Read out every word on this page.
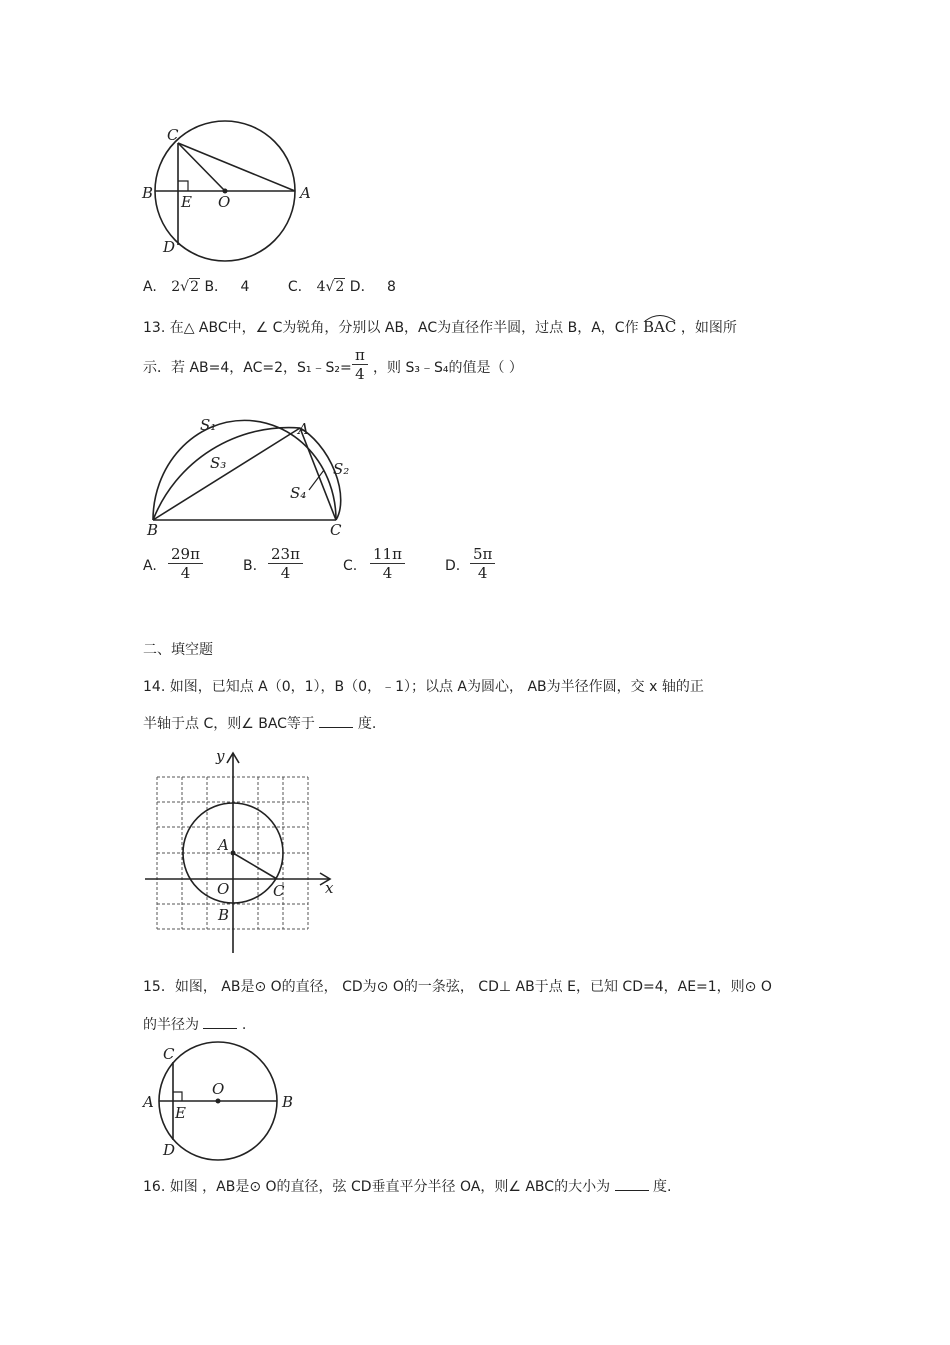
C
B E O	A
D
A. 2√2 B． 4	C. 4√2 D． 8
13. 在△ ABC中，∠ C为锐角，分别以 AB，AC为直径作半圆，过点 B，A，C作 BAC ，如图所
示．若 AB=4，AC=2，S₁﹣S₂= $\frac{\pi}{4}$ ，则 S₃﹣S₄的值是（ ）
S₁
S₃
A
S₂
S₄
B	C
A. $\frac{29\pi}{4}$	B. $\frac{23\pi}{4}$	C. $\frac{11\pi}{4}$	D. $\frac{5\pi}{4}$
二、填空题
14. 如图，已知点 A（0，1），B（0，﹣1）；以点 A为圆心， AB为半径作圆，交 x 轴的正
半轴于点 C，则∠ BAC等于	度.
y
x
A
O	C
B
15．如图， AB是⊙ O的直径， CD为⊙ O的一条弦， CD⊥ AB于点 E，已知 CD=4，AE=1，则⊙ O
的半径为	.
C
A
E
O
B
D
16. 如图 ，AB是⊙ O的直径，弦 CD垂直平分半径 OA，则∠ ABC的大小为	度.
